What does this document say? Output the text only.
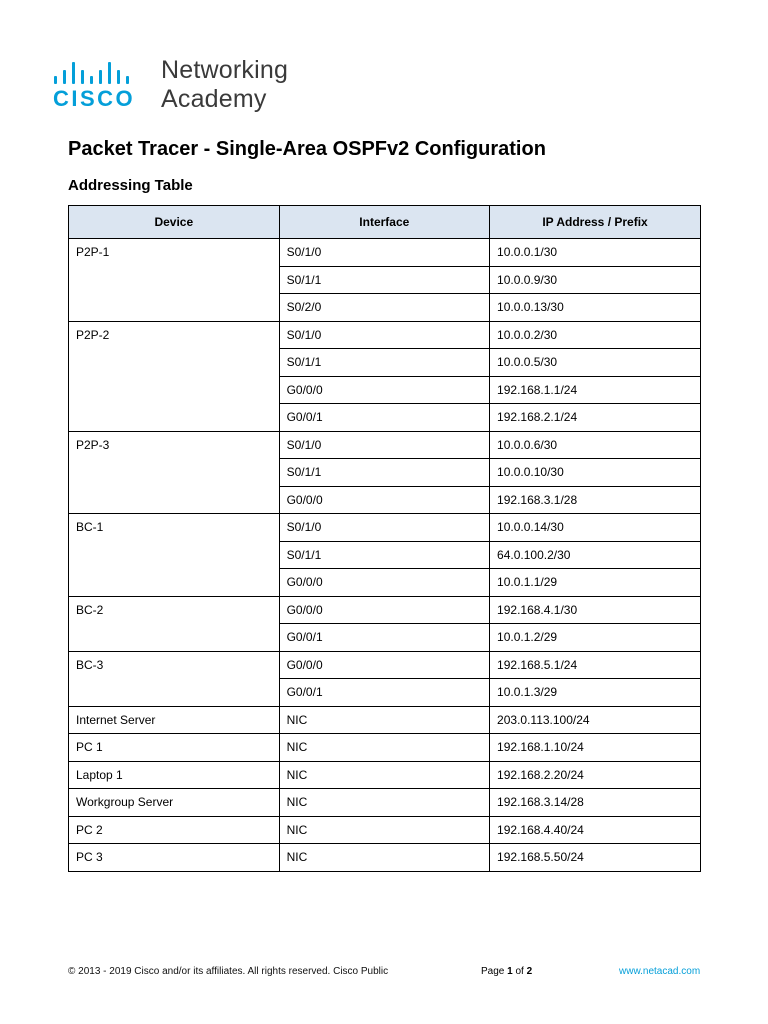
CISCO
Networking
Academy
Packet Tracer - Single-Area OSPFv2 Configuration
Addressing Table
Device	Interface	IP Address / Prefix
P2P-1	S0/1/0	10.0.0.1/30
	S0/1/1	10.0.0.9/30
	S0/2/0	10.0.0.13/30
P2P-2	S0/1/0	10.0.0.2/30
	S0/1/1	10.0.0.5/30
	G0/0/0	192.168.1.1/24
	G0/0/1	192.168.2.1/24
P2P-3	S0/1/0	10.0.0.6/30
	S0/1/1	10.0.0.10/30
	G0/0/0	192.168.3.1/28
BC-1	S0/1/0	10.0.0.14/30
	S0/1/1	64.0.100.2/30
	G0/0/0	10.0.1.1/29
BC-2	G0/0/0	192.168.4.1/30
	G0/0/1	10.0.1.2/29
BC-3	G0/0/0	192.168.5.1/24
	G0/0/1	10.0.1.3/29
Internet Server	NIC	203.0.113.100/24
PC 1	NIC	192.168.1.10/24
Laptop 1	NIC	192.168.2.20/24
Workgroup Server	NIC	192.168.3.14/28
PC 2	NIC	192.168.4.40/24
PC 3	NIC	192.168.5.50/24
© 2013 - 2019 Cisco and/or its affiliates. All rights reserved. Cisco Public	Page 1 of 2	www.netacad.com
